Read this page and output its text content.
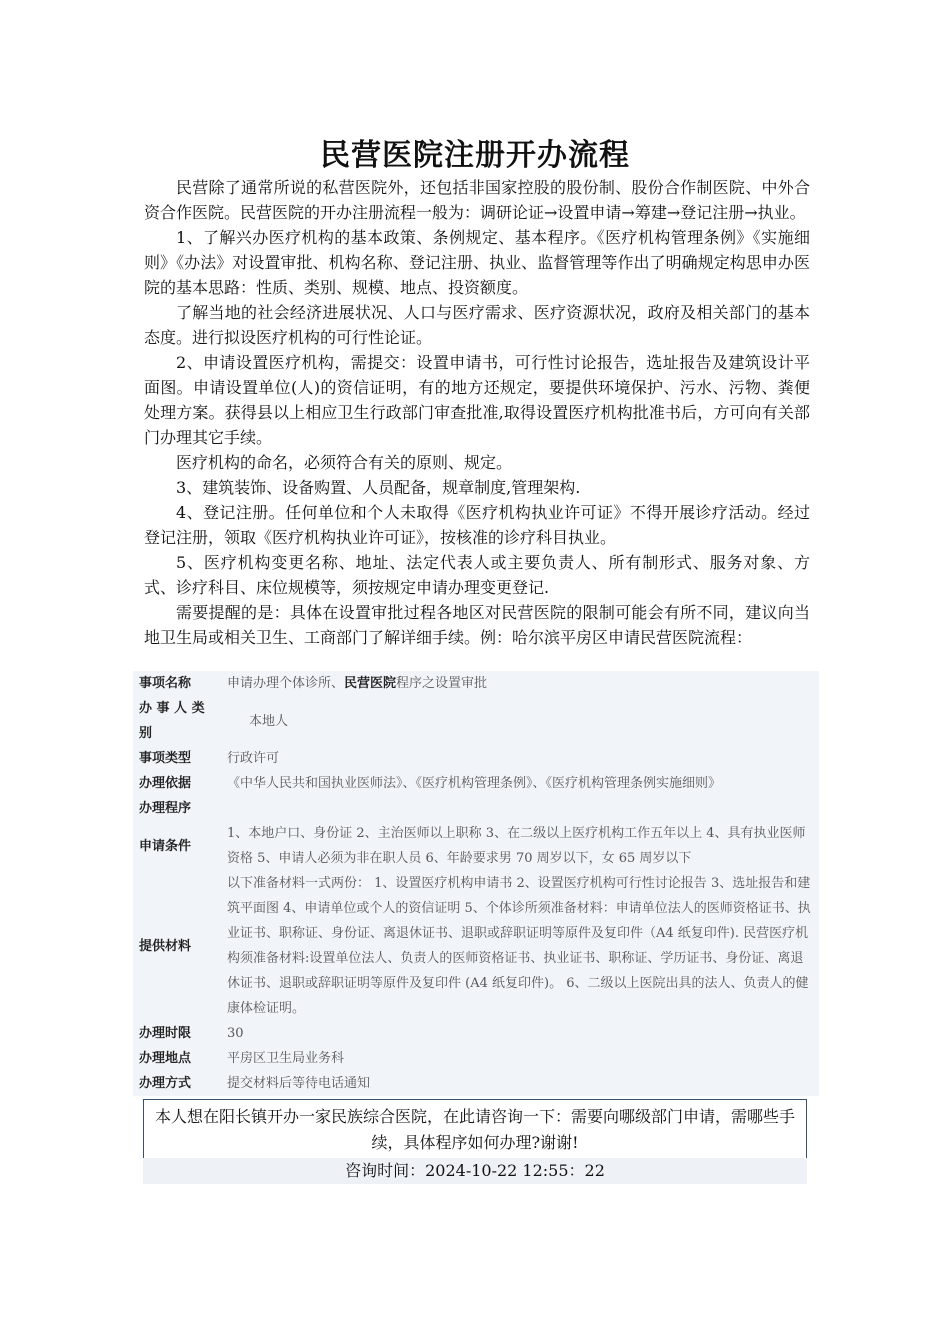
民营医院注册开办流程

民营除了通常所说的私营医院外，还包括非国家控股的股份制、股份合作制医院、中外合资合作医院。民营医院的开办注册流程一般为：调研论证→设置申请→筹建→登记注册→执业。

1、了解兴办医疗机构的基本政策、条例规定、基本程序。《医疗机构管理条例》《实施细则》《办法》对设置审批、机构名称、登记注册、执业、监督管理等作出了明确规定构思申办医院的基本思路：性质、类别、规模、地点、投资额度。

了解当地的社会经济进展状况、人口与医疗需求、医疗资源状况，政府及相关部门的基本态度。进行拟设医疗机构的可行性论证。

2、申请设置医疗机构，需提交：设置申请书，可行性讨论报告，选址报告及建筑设计平面图。申请设置单位(人)的资信证明，有的地方还规定，要提供环境保护、污水、污物、粪便处理方案。获得县以上相应卫生行政部门审查批准,取得设置医疗机构批准书后，方可向有关部门办理其它手续。

医疗机构的命名，必须符合有关的原则、规定。

3、建筑装饰、设备购置、人员配备，规章制度,管理架构.

4、登记注册。任何单位和个人未取得《医疗机构执业许可证》不得开展诊疗活动。经过登记注册，领取《医疗机构执业许可证》，按核准的诊疗科目执业。

5、医疗机构变更名称、地址、法定代表人或主要负责人、所有制形式、服务对象、方式、诊疗科目、床位规模等，须按规定申请办理变更登记.

需要提醒的是：具体在设置审批过程各地区对民营医院的限制可能会有所不同，建议向当地卫生局或相关卫生、工商部门了解详细手续。例：哈尔滨平房区申请民营医院流程：

事项名称	申请办理个体诊所、民营医院程序之设置审批
办 事 人 类别	本地人
事项类型	行政许可
办理依据	《中华人民共和国执业医师法》、《医疗机构管理条例》、《医疗机构管理条例实施细则》
办理程序	
申请条件	1、本地户口、身份证 2、主治医师以上职称 3、在二级以上医疗机构工作五年以上 4、具有执业医师资格 5、申请人必须为非在职人员 6、年龄要求男 70 周岁以下，女 65 周岁以下
提供材料	以下准备材料一式两份： 1、设置医疗机构申请书 2、设置医疗机构可行性讨论报告 3、选址报告和建筑平面图 4、申请单位或个人的资信证明 5、个体诊所须准备材料：申请单位法人的医师资格证书、执业证书、职称证、身份证、离退休证书、退职或辞职证明等原件及复印件（A4 纸复印件). 民营医疗机构须准备材料:设置单位法人、负责人的医师资格证书、执业证书、职称证、学历证书、身份证、离退休证书、退职或辞职证明等原件及复印件 (A4 纸复印件)。 6、二级以上医院出具的法人、负责人的健康体检证明。
办理时限	30
办理地点	平房区卫生局业务科
办理方式	提交材料后等待电话通知
本人想在阳长镇开办一家民族综合医院，在此请咨询一下：需要向哪级部门申请，需哪些手续，具体程序如何办理?谢谢!
咨询时间：2024-10-22 12:55：22
